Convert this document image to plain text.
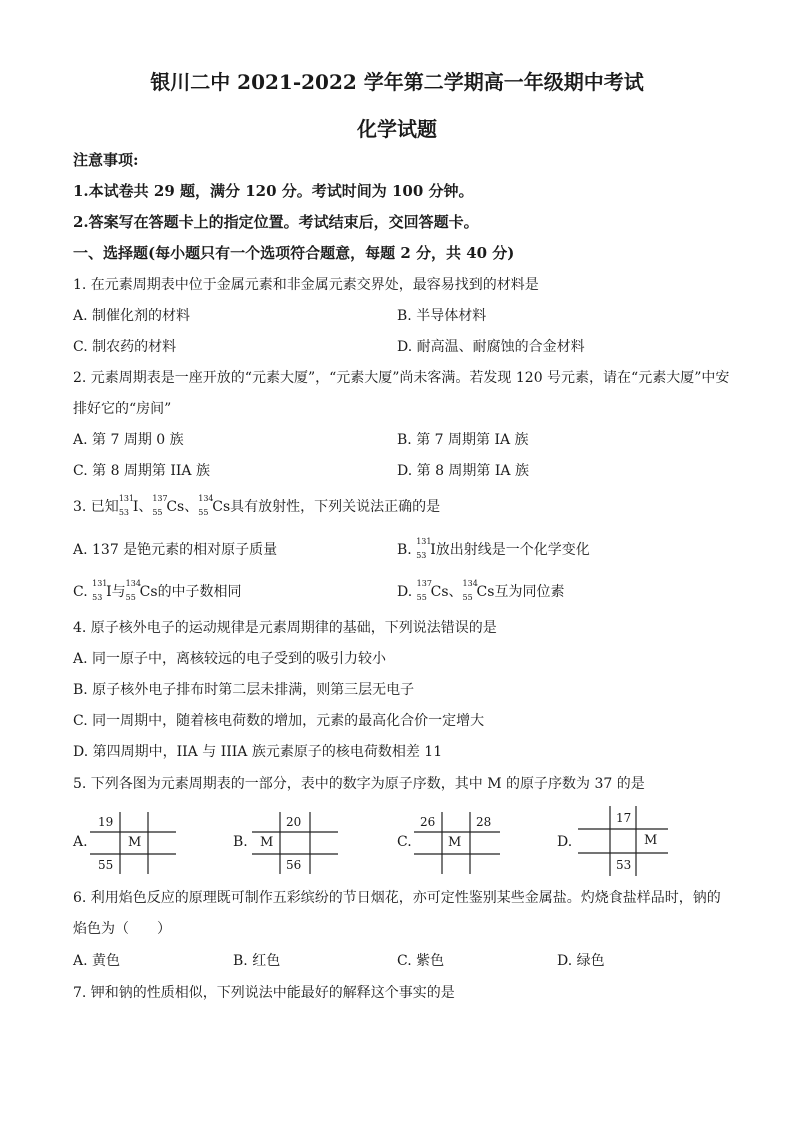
银川二中 2021-2022 学年第二学期高一年级期中考试
化学试题
注意事项:
1.本试卷共 29 题，满分 120 分。考试时间为 100 分钟。
2.答案写在答题卡上的指定位置。考试结束后，交回答题卡。
一、选择题(每小题只有一个选项符合题意，每题 2 分，共 40 分)
1. 在元素周期表中位于金属元素和非金属元素交界处，最容易找到的材料是
A. 制催化剂的材料	B. 半导体材料
C. 制农药的材料	D. 耐高温、耐腐蚀的合金材料
2. 元素周期表是一座开放的“元素大厦”，“元素大厦”尚未客满。若发现 120 号元素，请在“元素大厦”中安
排好它的“房间”
A. 第 7 周期 0 族	B. 第 7 周期第 IA 族
C. 第 8 周期第 IIA 族	D. 第 8 周期第 IA 族
3. 已知
131
53 I、
137
55 Cs、
134
55 Cs具有放射性，下列关说法正确的是
A. 137 是铯元素的相对原子质量	B.
131
53 I放出射线是一个化学变化
C.
131
53 I与
134
55 Cs的中子数相同	D.
137
55 Cs、
134
55 Cs互为同位素
4. 原子核外电子的运动规律是元素周期律的基础，下列说法错误的是
A. 同一原子中，离核较远的电子受到的吸引力较小
B. 原子核外电子排布时第二层未排满，则第三层无电子
C. 同一周期中，随着核电荷数的增加，元素的最高化合价一定增大
D. 第四周期中，IIA 与 IIIA 族元素原子的核电荷数相差 11
5. 下列各图为元素周期表的一部分，表中的数字为原子序数，其中 M 的原子序数为 37 的是
A.
19
M
55
B.
20
M
56
C.
26
M
28
D.
17
M
53
6. 利用焰色反应的原理既可制作五彩缤纷的节日烟花，亦可定性鉴别某些金属盐。灼烧食盐样品时，钠的
焰色为（　　）
A. 黄色	B. 红色	C. 紫色	D. 绿色
7. 钾和钠的性质相似，下列说法中能最好的解释这个事实的是
